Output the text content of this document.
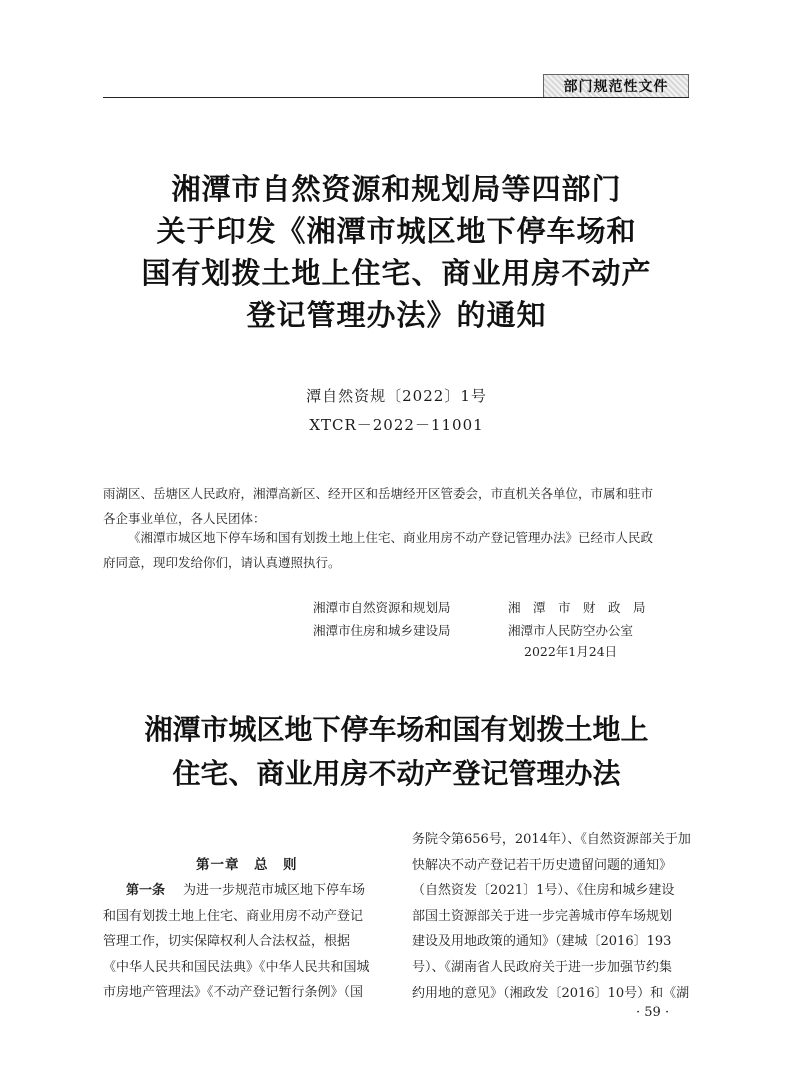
部门规范性文件
湘潭市自然资源和规划局等四部门
关于印发《湘潭市城区地下停车场和
国有划拨土地上住宅、商业用房不动产
登记管理办法》的通知
潭自然资规〔2022〕1号
XTCR－2022－11001
雨湖区、岳塘区人民政府，湘潭高新区、经开区和岳塘经开区管委会，市直机关各单位，市属和驻市
各企事业单位，各人民团体：
《湘潭市城区地下停车场和国有划拨土地上住宅、商业用房不动产登记管理办法》已经市人民政
府同意，现印发给你们，请认真遵照执行。
湘潭市自然资源和规划局	湘　潭　市　财　政　局
湘潭市住房和城乡建设局	湘潭市人民防空办公室
2022年1月24日
湘潭市城区地下停车场和国有划拨土地上
住宅、商业用房不动产登记管理办法
第一章　总　则
第一条 为进一步规范市城区地下停车场
和国有划拨土地上住宅、商业用房不动产登记
管理工作，切实保障权利人合法权益，根据
《中华人民共和国民法典》《中华人民共和国城
市房地产管理法》《不动产登记暂行条例》（国
务院令第656号，2014年）、《自然资源部关于加
快解决不动产登记若干历史遗留问题的通知》
（自然资发〔2021〕1号）、《住房和城乡建设
部国土资源部关于进一步完善城市停车场规划
建设及用地政策的通知》（建城〔2016〕193
号）、《湖南省人民政府关于进一步加强节约集
约用地的意见》（湘政发〔2016〕10号）和《湖
· 59 ·
